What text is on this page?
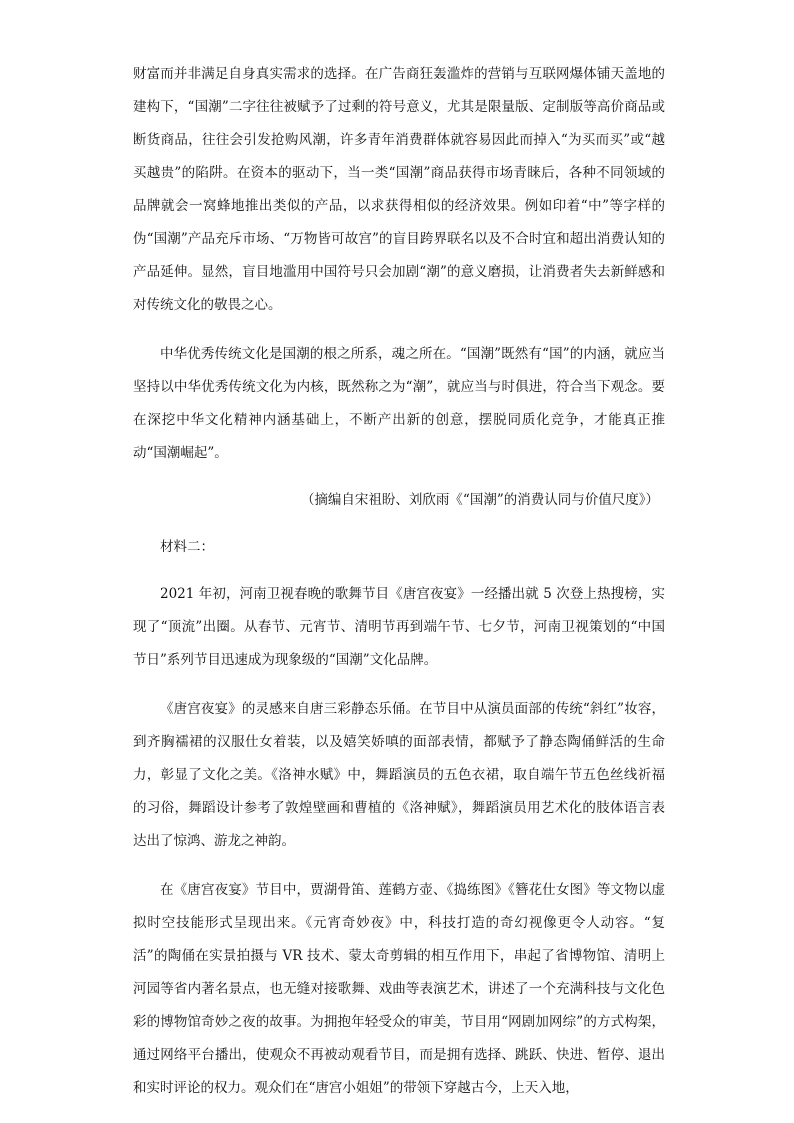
财富而并非满足自身真实需求的选择。在广告商狂轰滥炸的营销与互联网爆体铺天盖地的建构下，“国潮”二字往往被赋予了过剩的符号意义，尤其是限量版、定制版等高价商品或断货商品，往往会引发抢购风潮，许多青年消费群体就容易因此而掉入“为买而买”或“越买越贵”的陷阱。在资本的驱动下，当一类“国潮”商品获得市场青睐后，各种不同领域的品牌就会一窝蜂地推出类似的产品，以求获得相似的经济效果。例如印着“中”等字样的伪“国潮”产品充斥市场、“万物皆可故宫”的盲目跨界联名以及不合时宜和超出消费认知的产品延伸。显然，盲目地滥用中国符号只会加剧“潮”的意义磨损，让消费者失去新鲜感和对传统文化的敬畏之心。

中华优秀传统文化是国潮的根之所系，魂之所在。“国潮”既然有“国”的内涵，就应当坚持以中华优秀传统文化为内核，既然称之为“潮”，就应当与时俱进，符合当下观念。要在深挖中华文化精神内涵基础上，不断产出新的创意，摆脱同质化竞争，才能真正推动“国潮崛起”。

（摘编自宋祖盼、刘欣雨《“国潮”的消费认同与价值尺度》）

材料二：

2021 年初，河南卫视春晚的歌舞节目《唐宫夜宴》一经播出就 5 次登上热搜榜，实现了“顶流”出圈。从春节、元宵节、清明节再到端午节、七夕节，河南卫视策划的“中国节日”系列节目迅速成为现象级的“国潮”文化品牌。

《唐宫夜宴》的灵感来自唐三彩静态乐俑。在节目中从演员面部的传统“斜红”妆容，到齐胸襦裙的汉服仕女着装，以及嬉笑娇嗔的面部表情，都赋予了静态陶俑鲜活的生命力，彰显了文化之美。《洛神水赋》中，舞蹈演员的五色衣裙，取自端午节五色丝线祈福的习俗，舞蹈设计参考了敦煌壁画和曹植的《洛神赋》，舞蹈演员用艺术化的肢体语言表达出了惊鸿、游龙之神韵。

在《唐宫夜宴》节目中，贾湖骨笛、莲鹤方壶、《捣练图》《簪花仕女图》等文物以虚拟时空技能形式呈现出来。《元宵奇妙夜》中，科技打造的奇幻视像更令人动容。“复活”的陶俑在实景拍摄与 VR 技术、蒙太奇剪辑的相互作用下，串起了省博物馆、清明上河园等省内著名景点，也无缝对接歌舞、戏曲等表演艺术，讲述了一个充满科技与文化色彩的博物馆奇妙之夜的故事。为拥抱年轻受众的审美，节目用“网剧加网综”的方式构架，通过网络平台播出，使观众不再被动观看节目，而是拥有选择、跳跃、快进、暂停、退出和实时评论的权力。观众们在“唐宫小姐姐”的带领下穿越古今，上天入地，
